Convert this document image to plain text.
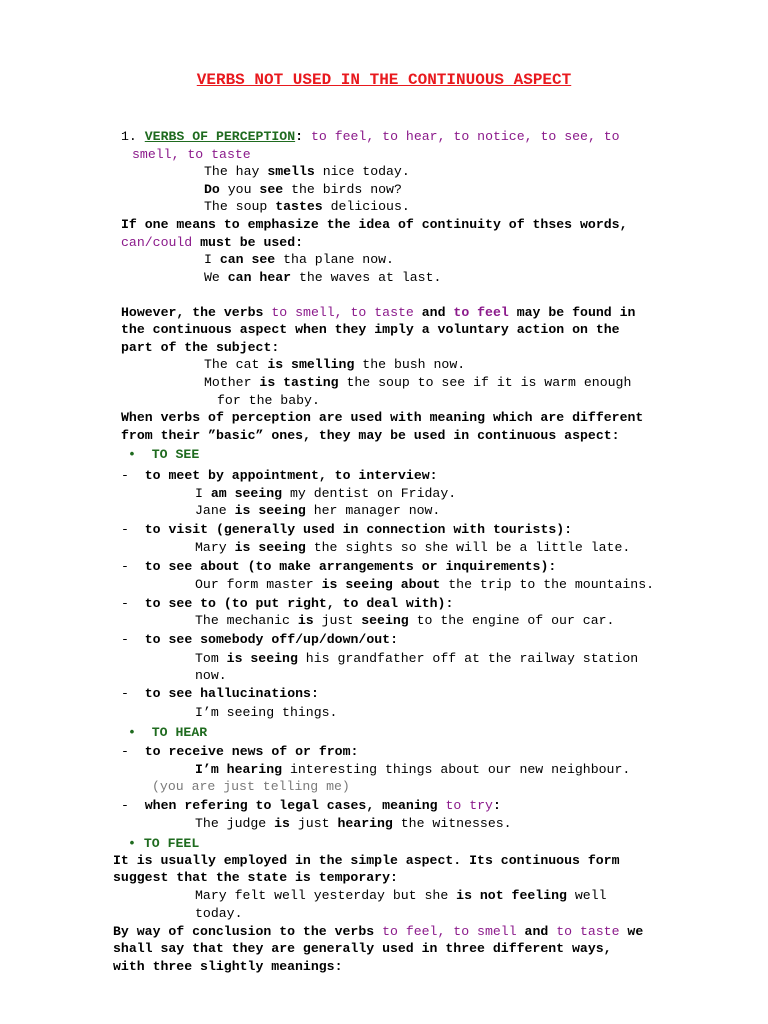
VERBS NOT USED IN THE CONTINUOUS ASPECT
1. VERBS OF PERCEPTION: to feel, to hear, to notice, to see, to
smell, to taste
The hay smells nice today.
Do you see the birds now?
The soup tastes delicious.
If one means to emphasize the idea of continuity of thses words,
can/could must be used:
I can see tha plane now.
We can hear the waves at last.
However, the verbs to smell, to taste and to feel may be found in
the continuous aspect when they imply a voluntary action on the
part of the subject:
The cat is smelling the bush now.
Mother is tasting the soup to see if it is warm enough
for the baby.
When verbs of perception are used with meaning which are different
from their ”basic” ones, they may be used in continuous aspect:
• TO SEE
- to meet by appointment, to interview:
I am seeing my dentist on Friday.
Jane is seeing her manager now.
- to visit (generally used in connection with tourists):
Mary is seeing the sights so she will be a little late.
- to see about (to make arrangements or inquirements):
Our form master is seeing about the trip to the mountains.
- to see to (to put right, to deal with):
The mechanic is just seeing to the engine of our car.
- to see somebody off/up/down/out:
Tom is seeing his grandfather off at the railway station
now.
- to see hallucinations:
I’m seeing things.
• TO HEAR
- to receive news of or from:
I’m hearing interesting things about our new neighbour.
(you are just telling me)
- when refering to legal cases, meaning to try:
The judge is just hearing the witnesses.
• TO FEEL
It is usually employed in the simple aspect. Its continuous form
suggest that the state is temporary:
Mary felt well yesterday but she is not feeling well
today.
By way of conclusion to the verbs to feel, to smell and to taste we
shall say that they are generally used in three different ways,
with three slightly meanings:
